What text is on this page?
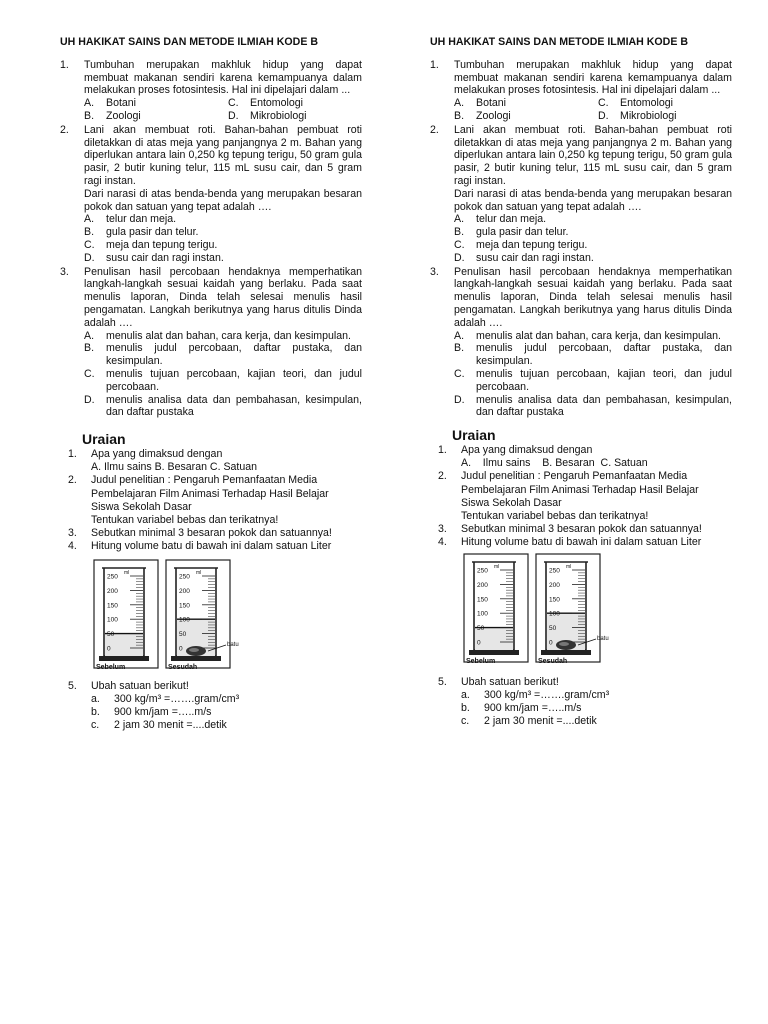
UH HAKIKAT SAINS DAN METODE ILMIAH KODE B
1. Tumbuhan merupakan makhluk hidup yang dapat membuat makanan sendiri karena kemampuanya dalam melakukan proses fotosintesis. Hal ini dipelajari dalam ...
A. Botani	C. Entomologi
B. Zoologi	D. Mikrobiologi
2. Lani akan membuat roti. Bahan-bahan pembuat roti diletakkan di atas meja yang panjangnya 2 m. Bahan yang diperlukan antara lain 0,250 kg tepung terigu, 50 gram gula pasir, 2 butir kuning telur, 115 mL susu cair, dan 5 gram ragi instan.
Dari narasi di atas benda-benda yang merupakan besaran pokok dan satuan yang tepat adalah ….
A. telur dan meja.
B. gula pasir dan telur.
C. meja dan tepung terigu.
D. susu cair dan ragi instan.
3. Penulisan hasil percobaan hendaknya memperhatikan langkah-langkah sesuai kaidah yang berlaku. Pada saat menulis laporan, Dinda telah selesai menulis hasil pengamatan. Langkah berikutnya yang harus ditulis Dinda adalah ….
A. menulis alat dan bahan, cara kerja, dan kesimpulan.
B. menulis judul percobaan, daftar pustaka, dan kesimpulan.
C. menulis tujuan percobaan, kajian teori, dan judul percobaan.
D. menulis analisa data dan pembahasan, kesimpulan, dan daftar pustaka
Uraian
1. Apa yang dimaksud dengan
A. Ilmu sains B. Besaran C. Satuan
2. Judul penelitian : Pengaruh Pemanfaatan Media
Pembelajaran Film Animasi Terhadap Hasil Belajar
Siswa Sekolah Dasar
Tentukan variabel bebas dan terikatnya!
3. Sebutkan minimal 3 besaran pokok dan satuannya!
4. Hitung volume batu di bawah ini dalam satuan Liter
250
200
150
100
50
0
ml
Sebelum
250
200
150
100
50
0
ml
batu
Sesudah
5. Ubah satuan berikut!
a. 300 kg/m³ =…….gram/cm³
b. 900 km/jam =…..m/s
c. 2 jam 30 menit =....detik
UH HAKIKAT SAINS DAN METODE ILMIAH KODE B
1. Tumbuhan merupakan makhluk hidup yang dapat membuat makanan sendiri karena kemampuanya dalam melakukan proses fotosintesis. Hal ini dipelajari dalam ...
A. Botani	C. Entomologi
B. Zoologi	D. Mikrobiologi
2. Lani akan membuat roti. Bahan-bahan pembuat roti diletakkan di atas meja yang panjangnya 2 m. Bahan yang diperlukan antara lain 0,250 kg tepung terigu, 50 gram gula pasir, 2 butir kuning telur, 115 mL susu cair, dan 5 gram ragi instan.
Dari narasi di atas benda-benda yang merupakan besaran pokok dan satuan yang tepat adalah ….
A. telur dan meja.
B. gula pasir dan telur.
C. meja dan tepung terigu.
D. susu cair dan ragi instan.
3. Penulisan hasil percobaan hendaknya memperhatikan langkah-langkah sesuai kaidah yang berlaku. Pada saat menulis laporan, Dinda telah selesai menulis hasil pengamatan. Langkah berikutnya yang harus ditulis Dinda adalah ….
A. menulis alat dan bahan, cara kerja, dan kesimpulan.
B. menulis judul percobaan, daftar pustaka, dan kesimpulan.
C. menulis tujuan percobaan, kajian teori, dan judul percobaan.
D. menulis analisa data dan pembahasan, kesimpulan, dan daftar pustaka
Uraian
1. Apa yang dimaksud dengan
A.    Ilmu sains    B. Besaran  C. Satuan
2. Judul penelitian : Pengaruh Pemanfaatan Media
Pembelajaran Film Animasi Terhadap Hasil Belajar
Siswa Sekolah Dasar
Tentukan variabel bebas dan terikatnya!
3. Sebutkan minimal 3 besaran pokok dan satuannya!
4. Hitung volume batu di bawah ini dalam satuan Liter
250
200
150
100
50
0
ml
Sebelum
250
200
150
100
50
0
ml
batu
Sesudah
5. Ubah satuan berikut!
a. 300 kg/m³ =…….gram/cm³
b. 900 km/jam =…..m/s
c. 2 jam 30 menit =....detik
